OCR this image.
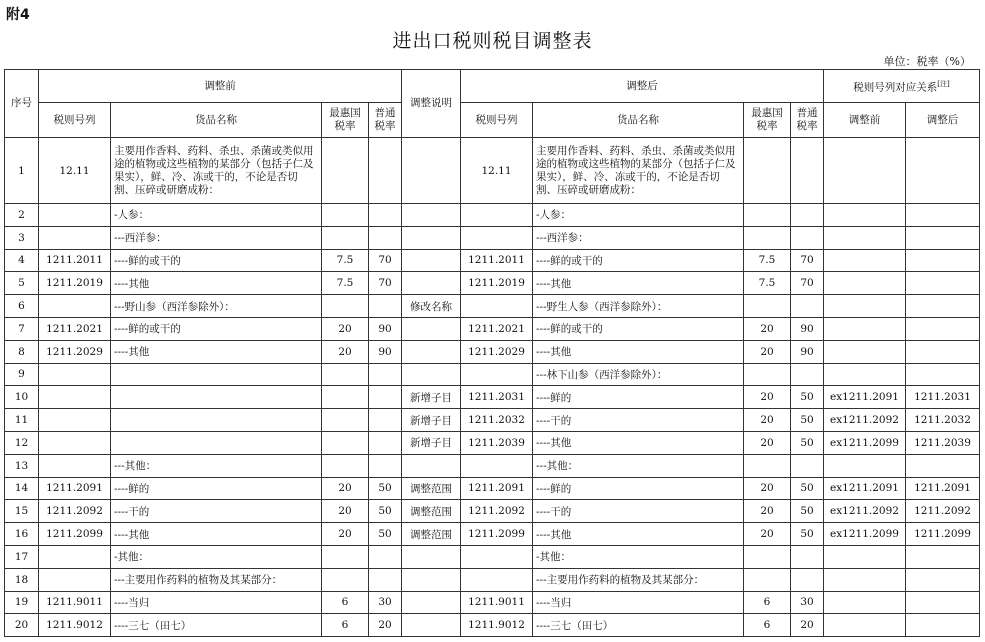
附4
进出口税则税目调整表
单位：税率（%）
序号	调整前				调整说明	调整后				税则号列对应关系[注]
	税则号列	货品名称	最惠国税率	普通税率		税则号列	货品名称	最惠国税率	普通税率	调整前	调整后
1	12.11	主要用作香料、药料、杀虫、杀菌或类似用途的植物或这些植物的某部分（包括子仁及果实），鲜、冷、冻或干的，不论是否切割、压碎或研磨成粉：				12.11	主要用作香料、药料、杀虫、杀菌或类似用途的植物或这些植物的某部分（包括子仁及果实），鲜、冷、冻或干的，不论是否切割、压碎或研磨成粉：				
2		-人参：					-人参：				
3		---西洋参：					---西洋参：				
4	1211.2011	----鲜的或干的	7.5	70		1211.2011	----鲜的或干的	7.5	70		
5	1211.2019	----其他	7.5	70		1211.2019	----其他	7.5	70		
6		---野山参（西洋参除外）：			修改名称		---野生人参（西洋参除外）：				
7	1211.2021	----鲜的或干的	20	90		1211.2021	----鲜的或干的	20	90		
8	1211.2029	----其他	20	90		1211.2029	----其他	20	90		
9							---林下山参（西洋参除外）：				
10					新增子目	1211.2031	----鲜的	20	50	ex1211.2091	1211.2031
11					新增子目	1211.2032	----干的	20	50	ex1211.2092	1211.2032
12					新增子目	1211.2039	----其他	20	50	ex1211.2099	1211.2039
13		---其他：					---其他：				
14	1211.2091	----鲜的	20	50	调整范围	1211.2091	----鲜的	20	50	ex1211.2091	1211.2091
15	1211.2092	----干的	20	50	调整范围	1211.2092	----干的	20	50	ex1211.2092	1211.2092
16	1211.2099	----其他	20	50	调整范围	1211.2099	----其他	20	50	ex1211.2099	1211.2099
17		-其他：					-其他：				
18		---主要用作药料的植物及其某部分：					---主要用作药料的植物及其某部分：				
19	1211.9011	----当归	6	30		1211.9011	----当归	6	30		
20	1211.9012	----三七（田七）	6	20		1211.9012	----三七（田七）	6	20		
